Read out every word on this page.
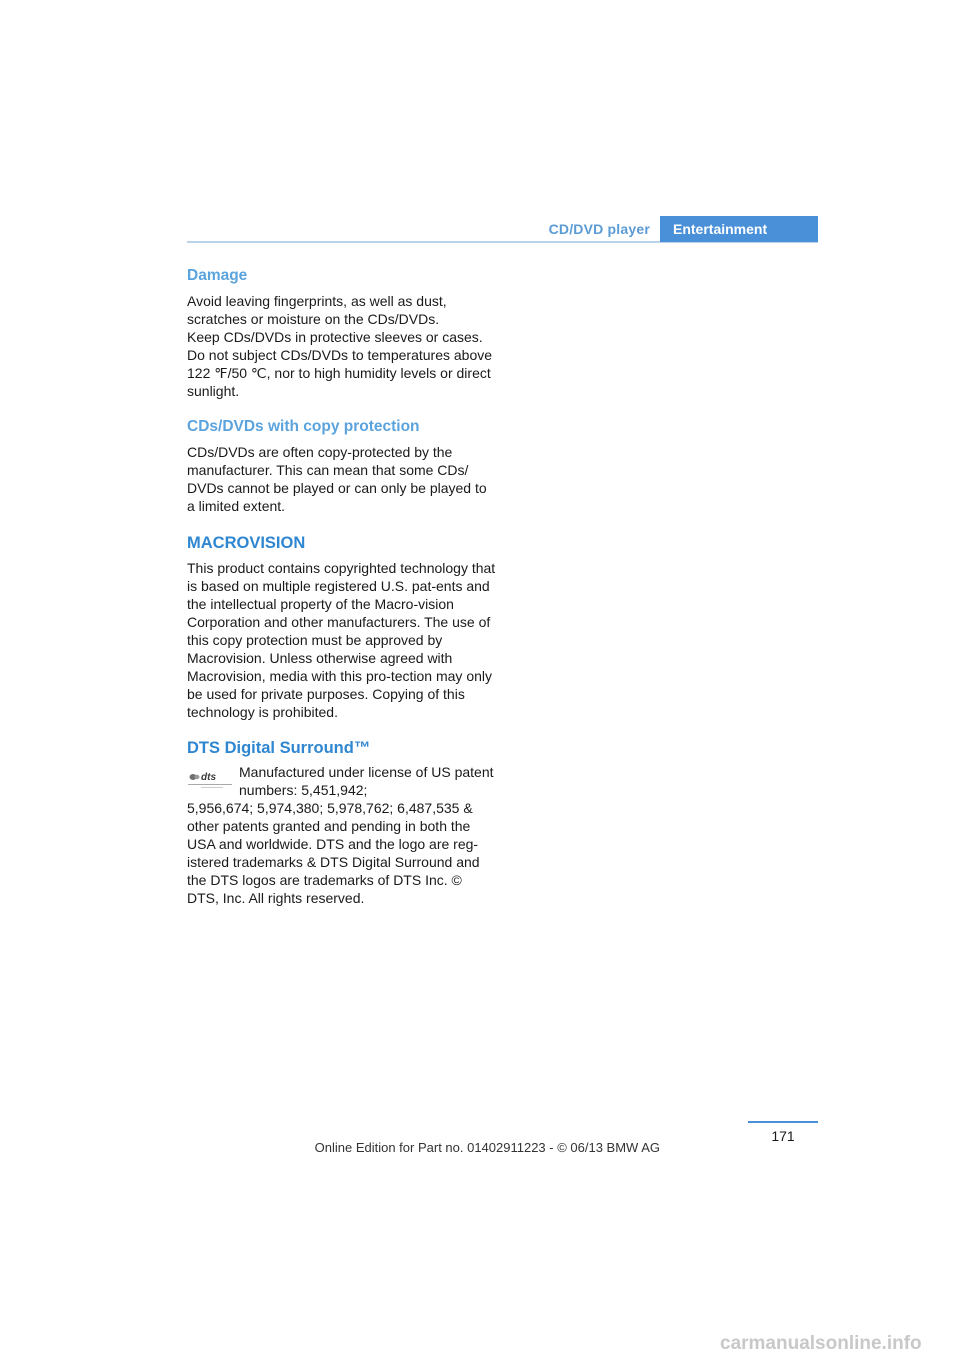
CD/DVD player	Entertainment
Damage

Avoid leaving fingerprints, as well as dust, scratches or moisture on the CDs/DVDs.

Keep CDs/DVDs in protective sleeves or cases.

Do not subject CDs/DVDs to temperatures above 122 ℉/50 ℃, nor to high humidity levels or direct sunlight.

CDs/DVDs with copy protection

CDs/DVDs are often copy-protected by the manufacturer. This can mean that some CDs/ DVDs cannot be played or can only be played to a limited extent.

MACROVISION

This product contains copyrighted technology that is based on multiple registered U.S. pat-ents and the intellectual property of the Macro-vision Corporation and other manufacturers. The use of this copy protection must be approved by Macrovision. Unless otherwise agreed with Macrovision, media with this pro-tection may only be used for private purposes. Copying of this technology is prohibited.

DTS Digital Surround™
dts	Manufactured under license of US patent numbers: 5,451,942;

5,956,674; 5,974,380; 5,978,762; 6,487,535 & other patents granted and pending in both the USA and worldwide. DTS and the logo are reg-istered trademarks & DTS Digital Surround and the DTS logos are trademarks of DTS Inc. © DTS, Inc. All rights reserved.

171
Online Edition for Part no. 01402911223 - © 06/13 BMW AG
carmanualsonline.info
